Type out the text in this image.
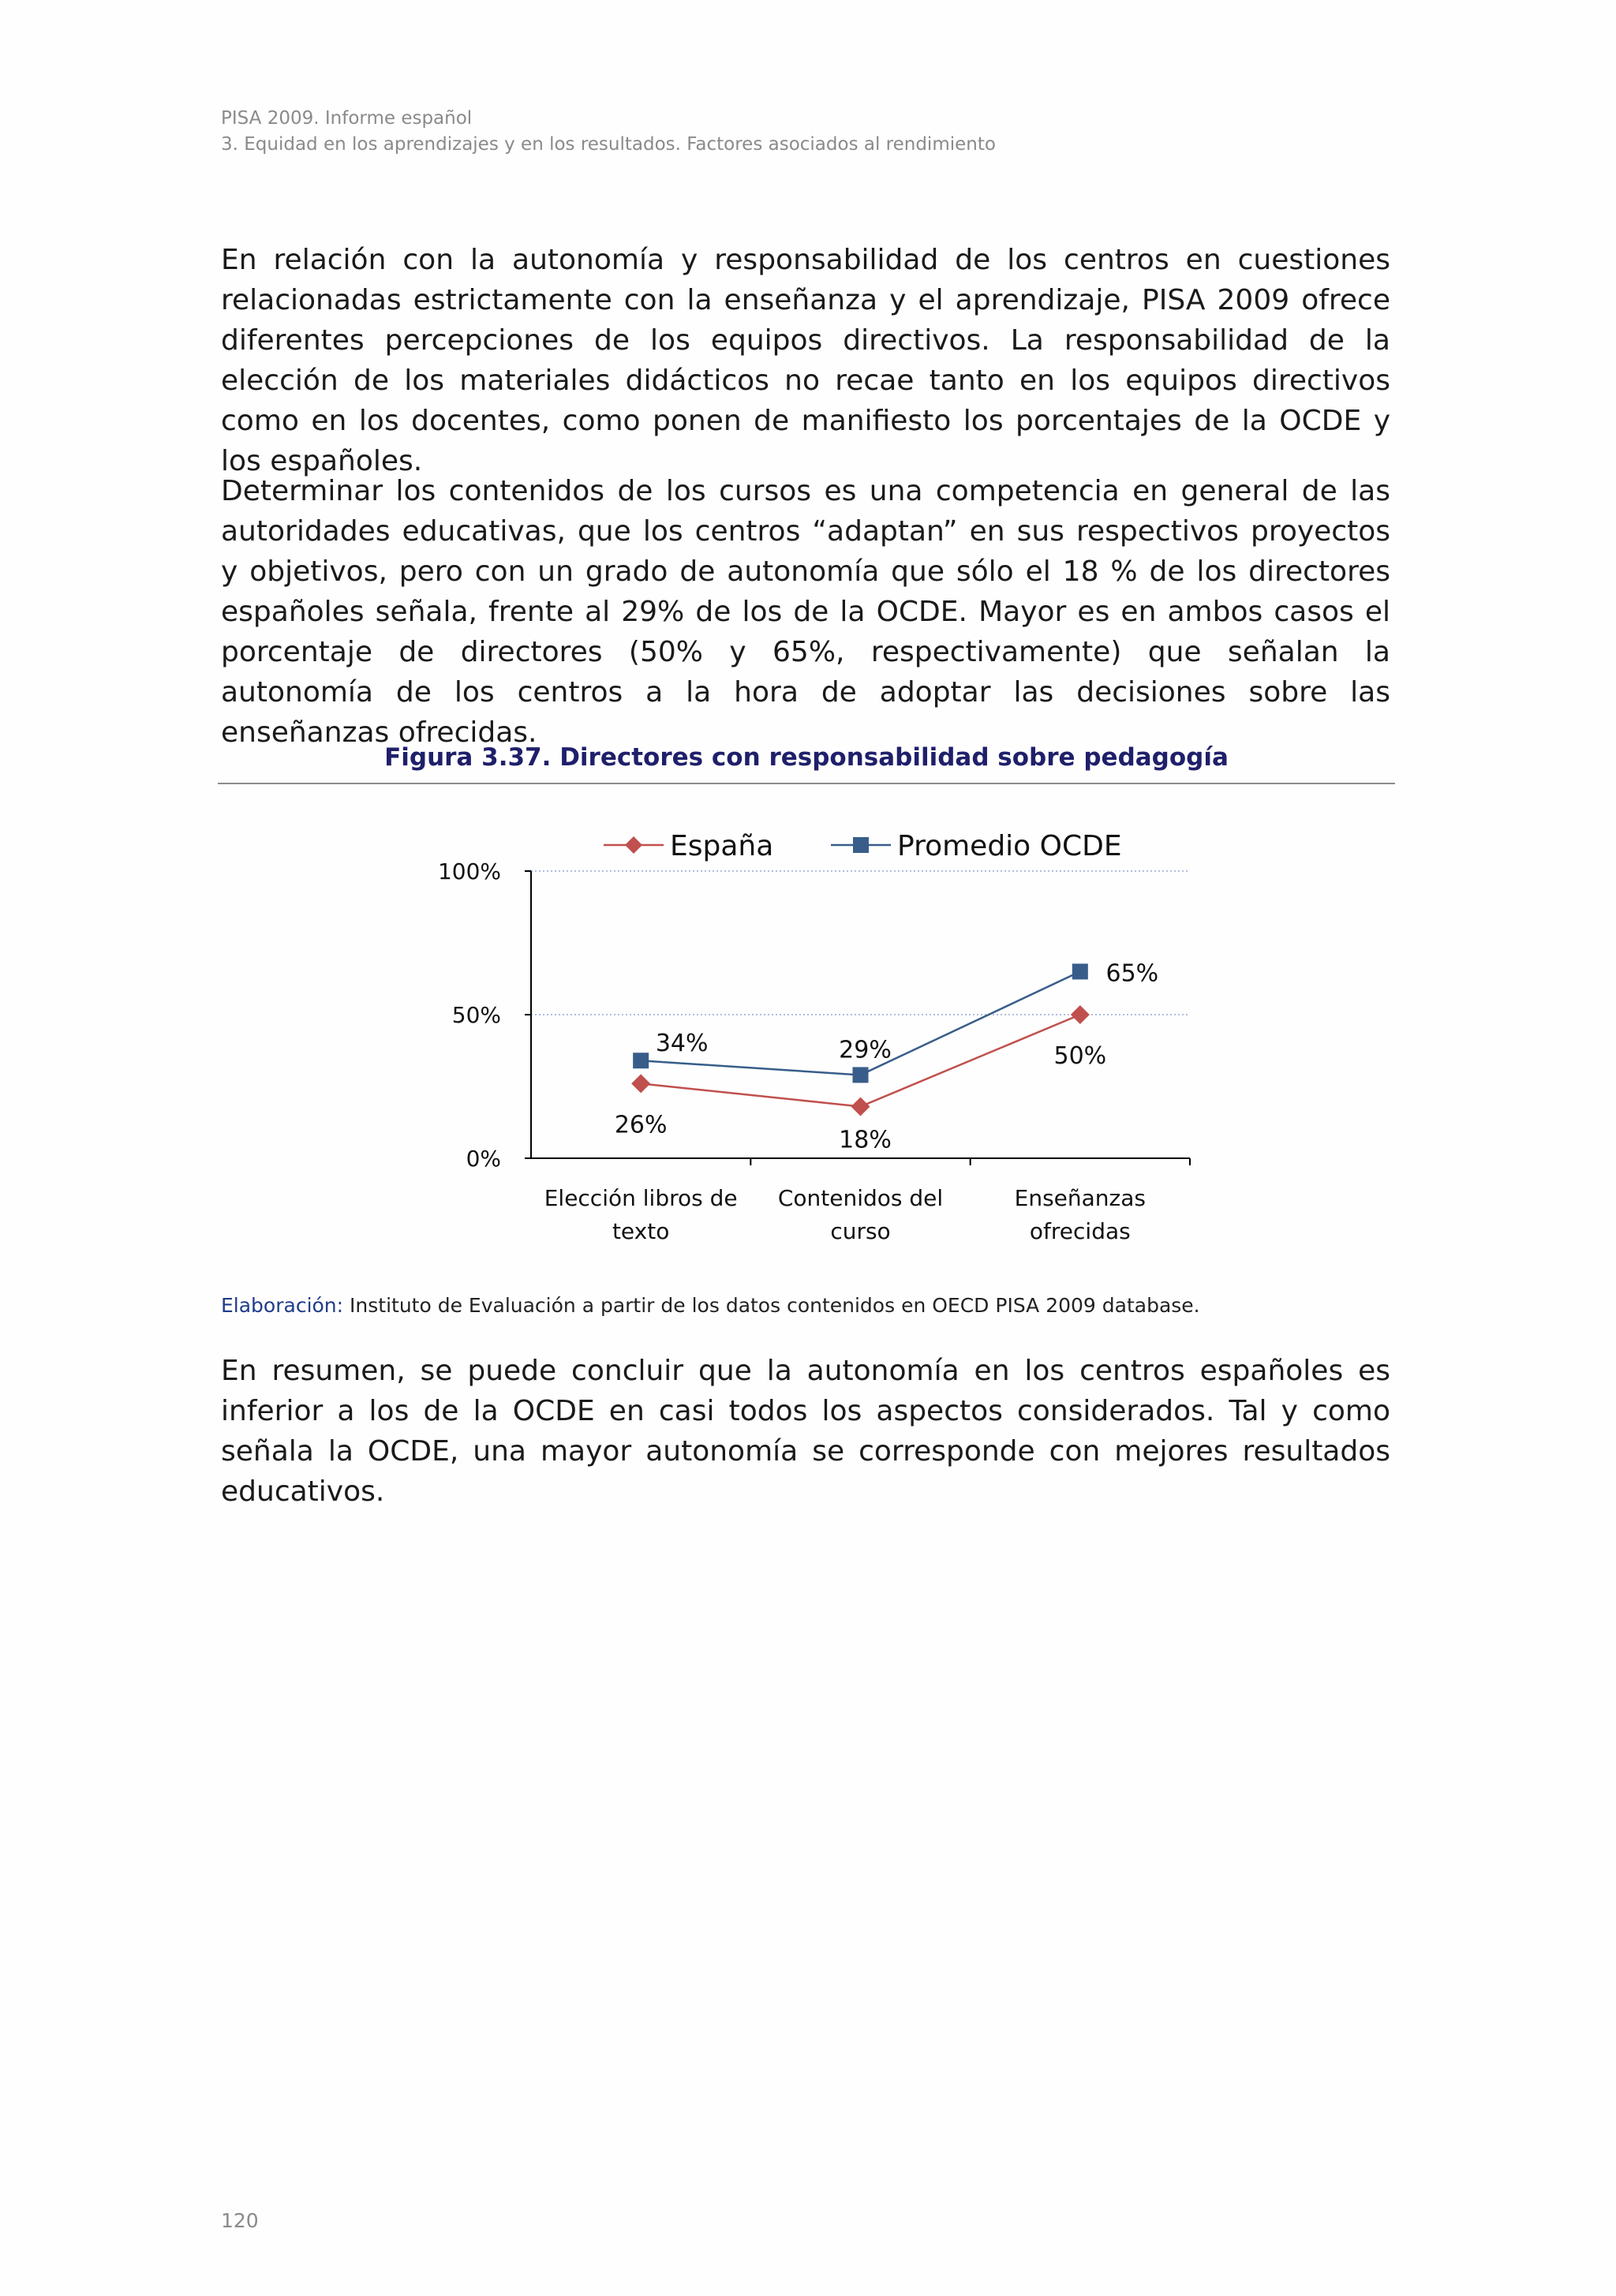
PISA 2009. Informe español
3. Equidad en los aprendizajes y en los resultados. Factores asociados al rendimiento

En relación con la autonomía y responsabilidad de los centros en cuestiones relacionadas estrictamente con la enseñanza y el aprendizaje, PISA 2009 ofrece diferentes percepciones de los equipos directivos. La responsabilidad de la elección de los materiales didácticos no recae tanto en los equipos directivos como en los docentes, como ponen de manifiesto los porcentajes de la OCDE y los españoles.

Determinar los contenidos de los cursos es una competencia en general de las autoridades educativas, que los centros “adaptan” en sus respectivos proyectos y objetivos, pero con un grado de autonomía que sólo el 18 % de los directores españoles señala, frente al 29% de los de la OCDE. Mayor es en ambos casos el porcentaje de directores (50% y 65%, respectivamente) que señalan la autonomía de los centros a la hora de adoptar las decisiones sobre las enseñanzas ofrecidas.

Figura 3.37. Directores con responsabilidad sobre pedagogía
0%
50%
100%
Elección libros de
texto
Contenidos del
curso
Enseñanzas
ofrecidas
26%
18%
50%
34%	29%
65%
España	Promedio OCDE
Elaboración: Instituto de Evaluación a partir de los datos contenidos en OECD PISA 2009 database.

En resumen, se puede concluir que la autonomía en los centros españoles es inferior a los de la OCDE en casi todos los aspectos considerados. Tal y como señala la OCDE, una mayor autonomía se corresponde con mejores resultados educativos.

120
